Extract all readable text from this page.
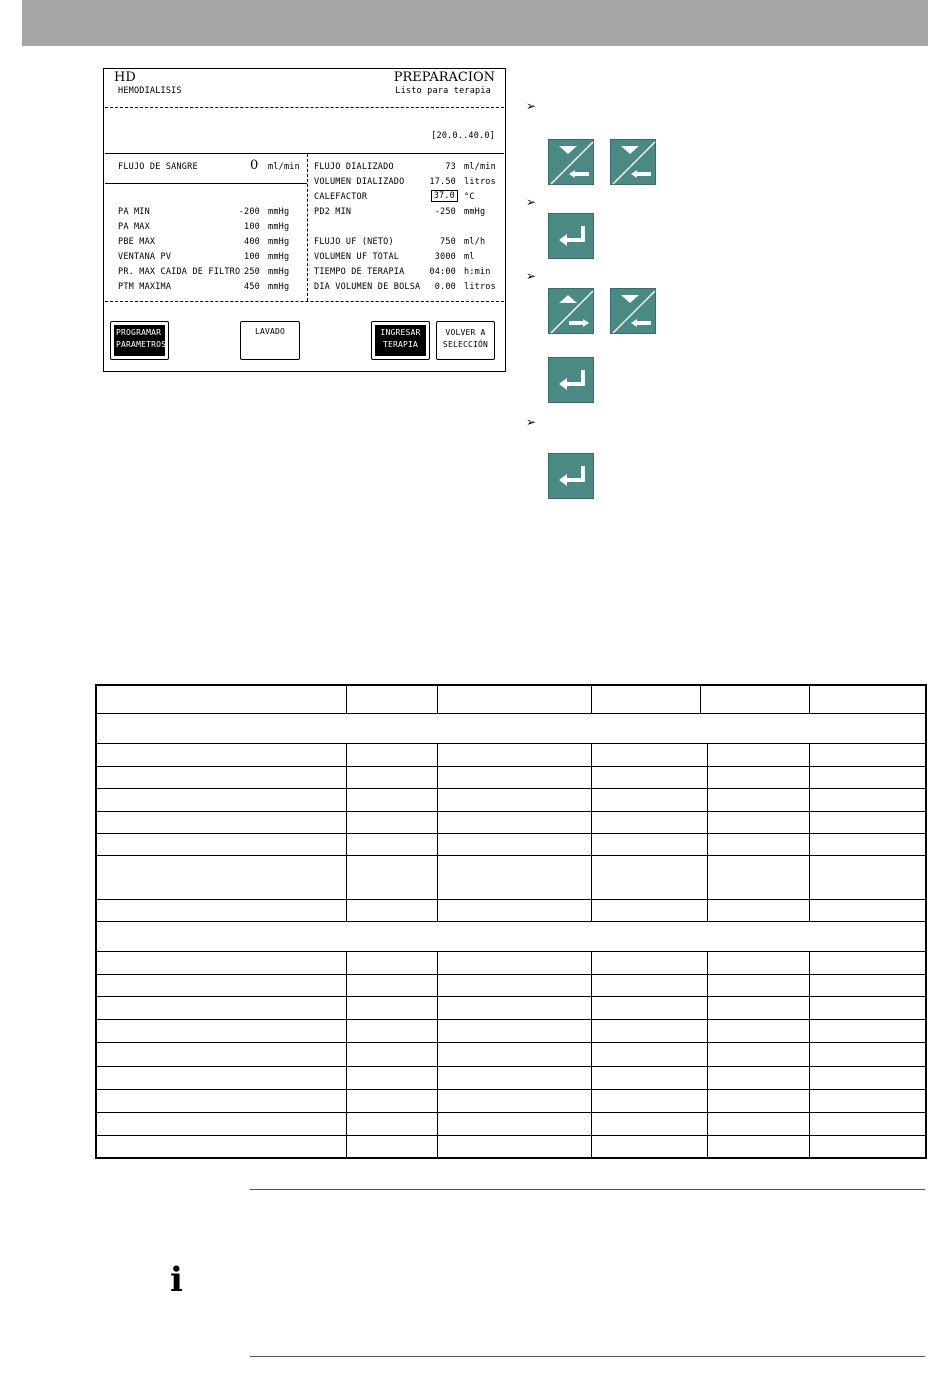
HD
HEMODIALISIS
PREPARACION
Listo para terapia
[20.0..40.0]
FLUJO DE SANGRE	0 ml/min
PA MIN	-200 mmHg
PA MAX	100 mmHg
PBE MAX	400 mmHg
VENTANA PV	100 mmHg
PR. MAX CAIDA DE FILTRO 250 mmHg
PTM MAXIMA	450 mmHg
FLUJO DIALIZADO	73 ml/min
VOLUMEN DIALIZADO	17.50 litros
CALEFACTOR	37.0	°C
PD2 MIN	-250 mmHg
FLUJO UF (NETO)	750 ml/h
VOLUMEN UF TOTAL	3000 ml
TIEMPO DE TERAPIA	04:00 h:min
DIA VOLUMEN DE BOLSA	0.00 litros

PROGRAMAR
PARAMETROS

LAVADO	INGRESAR
TERAPIA

VOLVER A
SELECCIÓN
➢
➢
➢
➢
i
